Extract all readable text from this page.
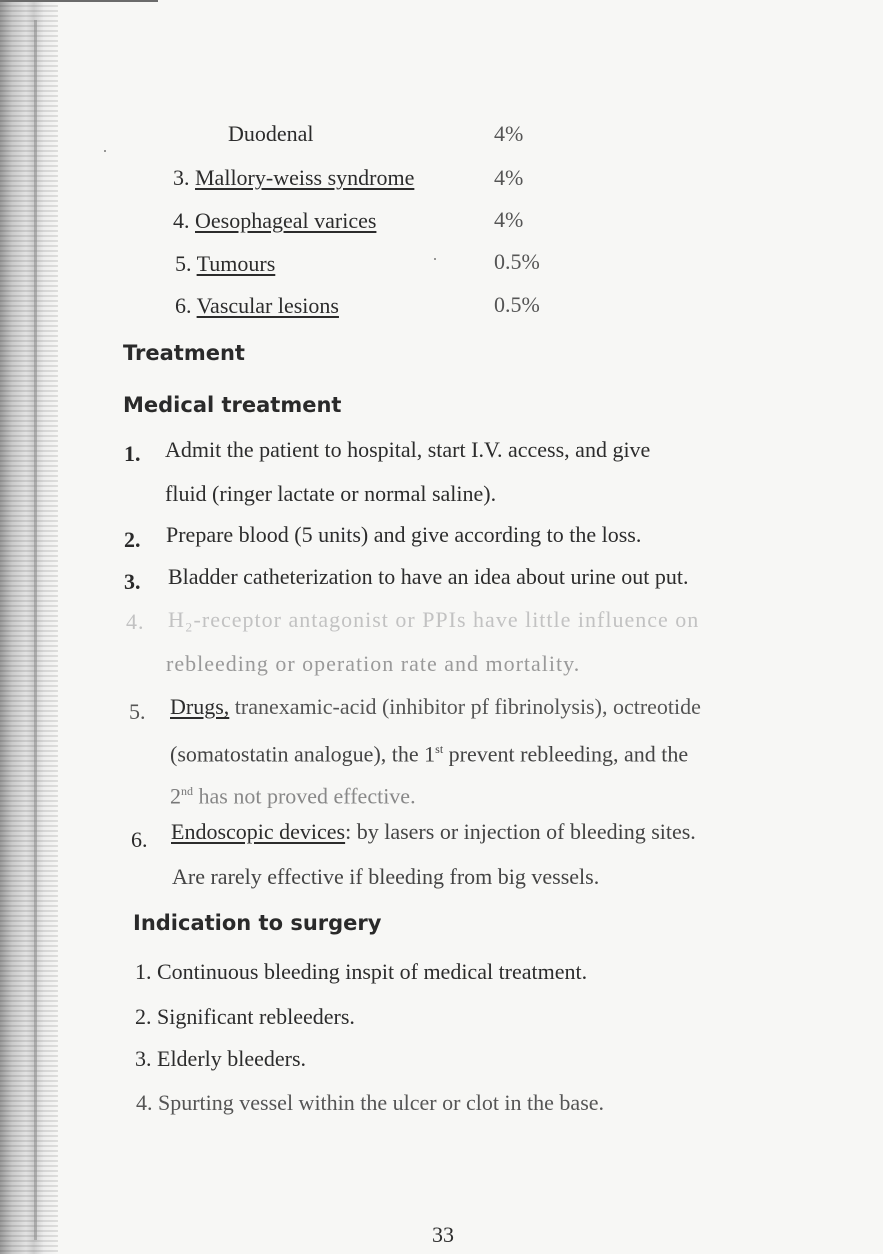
Duodenal	4%
3. Mallory-weiss syndrome	4%
4. Oesophageal varices	4%
5. Tumours	0.5%
6. Vascular lesions	0.5%
Treatment
Medical treatment
1. Admit the patient to hospital, start I.V. access, and give
fluid (ringer lactate or normal saline).
2. Prepare blood (5 units) and give according to the loss.
3. Bladder catheterization to have an idea about urine out put.
4. H₂-receptor antagonist or PPIs have little influence on
rebleeding or operation rate and mortality.
5. Drugs, tranexamic-acid (inhibitor pf fibrinolysis), octreotide
(somatostatin analogue), the 1st prevent rebleeding, and the
2nd has not proved effective.
6. Endoscopic devices: by lasers or injection of bleeding sites.
Are rarely effective if bleeding from big vessels.
Indication to surgery
1. Continuous bleeding inspit of medical treatment.
2. Significant rebleeders.
3. Elderly bleeders.
4. Spurting vessel within the ulcer or clot in the base.
33
